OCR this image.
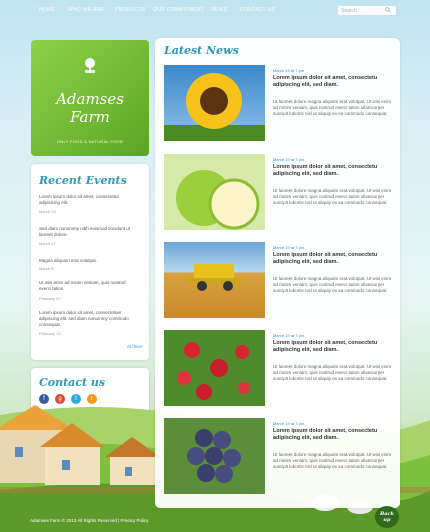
HOME	WHO WE ARE PRODUCTS OUR COMMITMENT NEWS	CONTACT US	Search
Adamses
Farm
ONLY FOOD & NATURAL FOOD
Recent Events
Lorem ipsum dolor sit amet, consectetur adipisicing elit.
March 19
Sed diam nonummy nibh euismod tincidunt ut laoreet dolore.
March 17
Magna aliquam erat volutpat.
March 8
Ut wisi enim ad minim veniam, quis nostrud exerci tation.
February 27
Lorem ipsum dolor sit amet, consectetuer adipiscing elit, sed diam nonummy commodo consequat.
February 13
Archive
Contact us
f	g	t	r
Latest News
March 19 at 7 pm
Lorem ipsum dolor sit amet, consectetu adipiscing elit, sed diam.
Ut laoreet dolore magna aliquam erat volutpat. Ut wisi enim ad minim veniam, quis nostrud exerci tation ullamcorper suscipit lobortis nisl ut aliquip ex ea commodo consequat.
March 19 at 7 pm
Lorem ipsum dolor sit amet, consectetu adipiscing elit, sed diam.
Ut laoreet dolore magna aliquam erat volutpat. Ut wisi enim ad minim veniam, quis nostrud exerci tation ullamcorper suscipit lobortis nisl ut aliquip ex ea commodo consequat.
March 19 at 7 pm
Lorem ipsum dolor sit amet, consectetu adipiscing elit, sed diam.
Ut laoreet dolore magna aliquam erat volutpat. Ut wisi enim ad minim veniam, quis nostrud exerci tation ullamcorper suscipit lobortis nisl ut aliquip ex ea commodo consequat.
March 19 at 7 pm
Lorem ipsum dolor sit amet, consectetu adipiscing elit, sed diam.
Ut laoreet dolore magna aliquam erat volutpat. Ut wisi enim ad minim veniam, quis nostrud exerci tation ullamcorper suscipit lobortis nisl ut aliquip ex ea commodo consequat.
March 19 at 7 pm
Lorem ipsum dolor sit amet, consectetu adipiscing elit, sed diam.
Ut laoreet dolore magna aliquam erat volutpat. Ut wisi enim ad minim veniam, quis nostrud exerci tation ullamcorper suscipit lobortis nisl ut aliquip ex ea commodo consequat.
Adamses Farm © 2013 All Rights Reserved | Privacy Policy
Back
up
